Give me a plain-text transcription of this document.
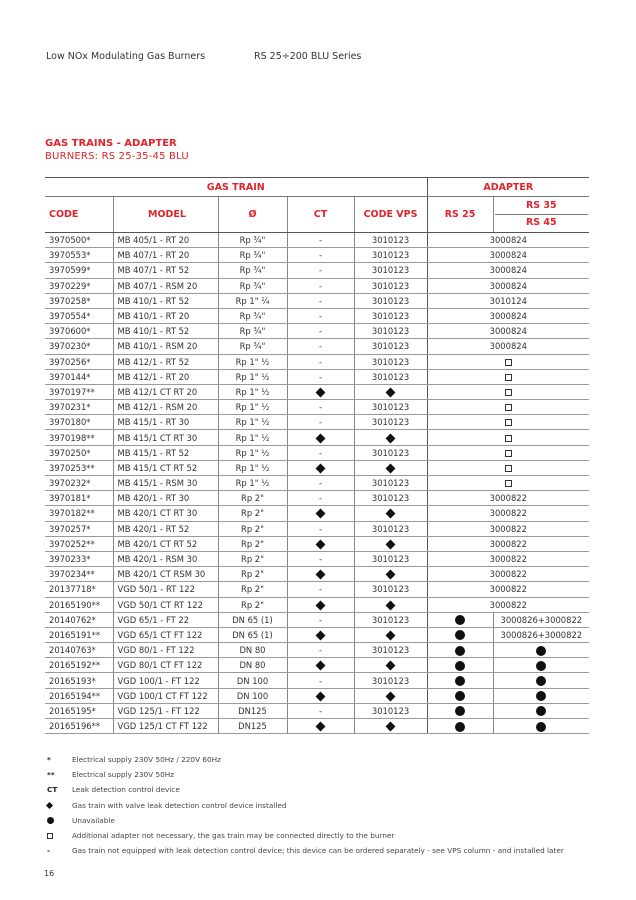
Low NOx Modulating Gas Burners	RS 25÷200 BLU Series
GAS TRAINS - ADAPTER
BURNERS: RS 25-35-45 BLU
GAS TRAIN					ADAPTER	
CODE	MODEL	Ø	CT	CODE VPS	RS 25	RS 35
RS 45

3970500*	MB 405/1 - RT 20	Rp ¾"	-	3010123	3000824	
3970553*	MB 407/1 - RT 20	Rp ¾"	-	3010123	3000824	
3970599*	MB 407/1 - RT 52	Rp ¾"	-	3010123	3000824	
3970229*	MB 407/1 - RSM 20	Rp ¾"	-	3010123	3000824	
3970258*	MB 410/1 - RT 52	Rp 1" ¼	-	3010123	3010124	
3970554*	MB 410/1 - RT 20	Rp ¾"	-	3010123	3000824	
3970600*	MB 410/1 - RT 52	Rp ¾"	-	3010123	3000824	
3970230*	MB 410/1 - RSM 20	Rp ¾"	-	3010123	3000824	
3970256*	MB 412/1 - RT 52	Rp 1" ½	-	3010123		
3970144*	MB 412/1 - RT 20	Rp 1" ½	-	3010123		
3970197**	MB 412/1 CT RT 20	Rp 1" ½				
3970231*	MB 412/1 - RSM 20	Rp 1" ½	-	3010123		
3970180*	MB 415/1 - RT 30	Rp 1" ½	-	3010123		
3970198**	MB 415/1 CT RT 30	Rp 1" ½				
3970250*	MB 415/1 - RT 52	Rp 1" ½	-	3010123		
3970253**	MB 415/1 CT RT 52	Rp 1" ½				
3970232*	MB 415/1 - RSM 30	Rp 1" ½	-	3010123		
3970181*	MB 420/1 - RT 30	Rp 2"	-	3010123	3000822	
3970182**	MB 420/1 CT RT 30	Rp 2"			3000822	
3970257*	MB 420/1 - RT 52	Rp 2"	-	3010123	3000822	
3970252**	MB 420/1 CT RT 52	Rp 2"			3000822	
3970233*	MB 420/1 - RSM 30	Rp 2"	-	3010123	3000822	
3970234**	MB 420/1 CT RSM 30	Rp 2"			3000822	
20137718*	VGD 50/1 - RT 122	Rp 2"	-	3010123	3000822	
20165190**	VGD 50/1 CT RT 122	Rp 2"			3000822	
20140762*	VGD 65/1 - FT 22	DN 65 (1)	-	3010123		3000826+3000822
20165191**	VGD 65/1 CT FT 122	DN 65 (1)				3000826+3000822
20140763*	VGD 80/1 - FT 122	DN 80	-	3010123		
20165192**	VGD 80/1 CT FT 122	DN 80				
20165193*	VGD 100/1 - FT 122	DN 100	-	3010123		
20165194**	VGD 100/1 CT FT 122	DN 100				
20165195*	VGD 125/1 - FT 122	DN125	-	3010123		
20165196**	VGD 125/1 CT FT 122	DN125				
*	Electrical supply 230V 50Hz / 220V 60Hz
**	Electrical supply 230V 50Hz
CT	Leak detection control device
Gas train with valve leak detection control device installed
Unavailable
Additional adapter not necessary, the gas train may be connected directly to the burner
-	Gas train not equipped with leak detection control device; this device can be ordered separately - see VPS column - and installed later
16
